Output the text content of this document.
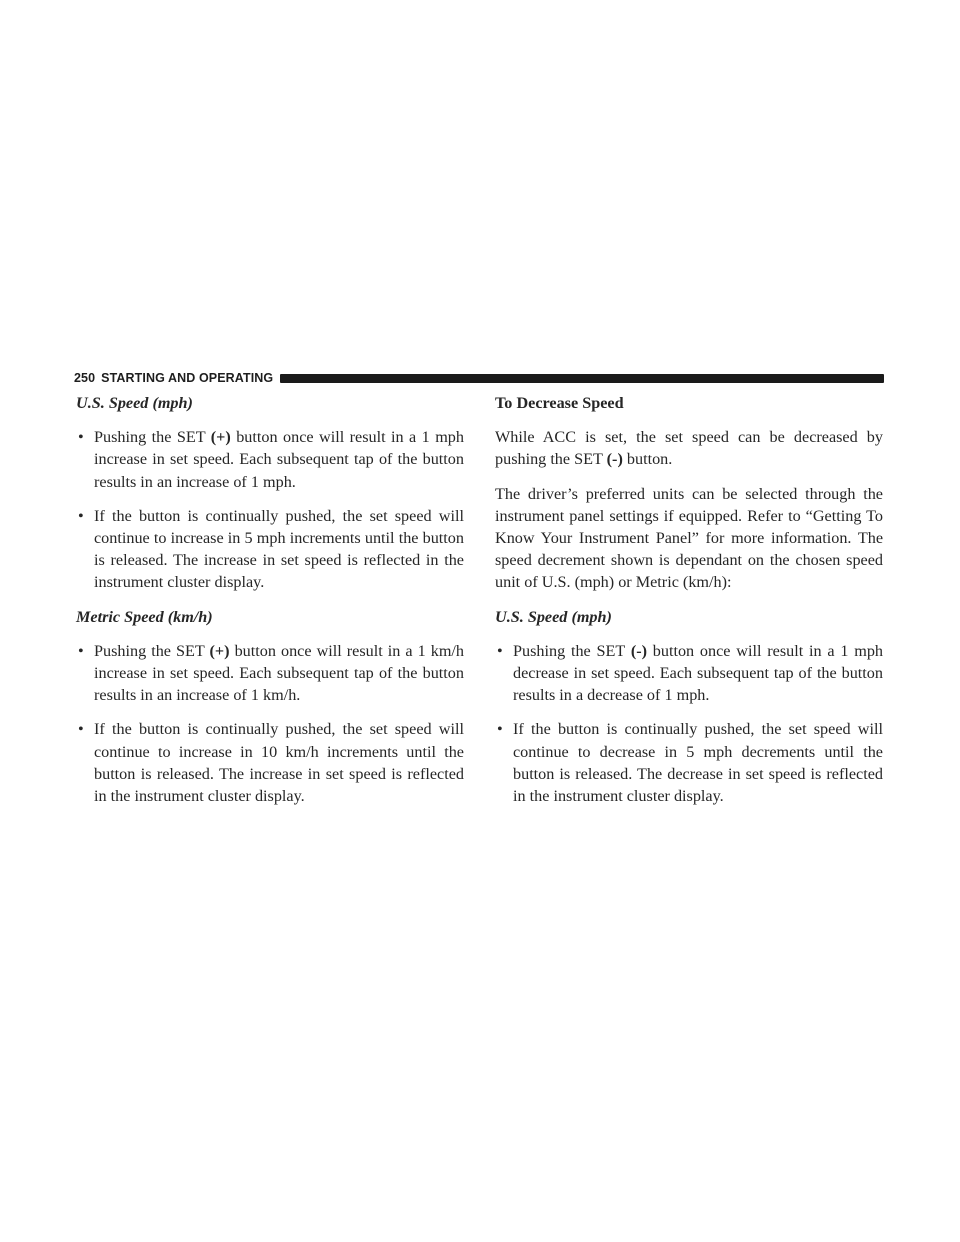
250 STARTING AND OPERATING
U.S. Speed (mph)
• Pushing the SET (+) button once will result in a 1 mph increase in set speed. Each subsequent tap of the button results in an increase of 1 mph.
• If the button is continually pushed, the set speed will continue to increase in 5 mph increments until the button is released. The increase in set speed is reflected in the instrument cluster display.
Metric Speed (km/h)
• Pushing the SET (+) button once will result in a 1 km/h increase in set speed. Each subsequent tap of the button results in an increase of 1 km/h.
• If the button is continually pushed, the set speed will continue to increase in 10 km/h increments until the button is released. The increase in set speed is reflected in the instrument cluster display.
To Decrease Speed

While ACC is set, the set speed can be decreased by pushing the SET (-) button.

The driver’s preferred units can be selected through the instrument panel settings if equipped. Refer to “Getting To Know Your Instrument Panel” for more information. The speed decrement shown is dependant on the chosen speed unit of U.S. (mph) or Metric (km/h):

U.S. Speed (mph)
• Pushing the SET (-) button once will result in a 1 mph decrease in set speed. Each subsequent tap of the button results in a decrease of 1 mph.
• If the button is continually pushed, the set speed will continue to decrease in 5 mph decrements until the button is released. The decrease in set speed is reflected in the instrument cluster display.
